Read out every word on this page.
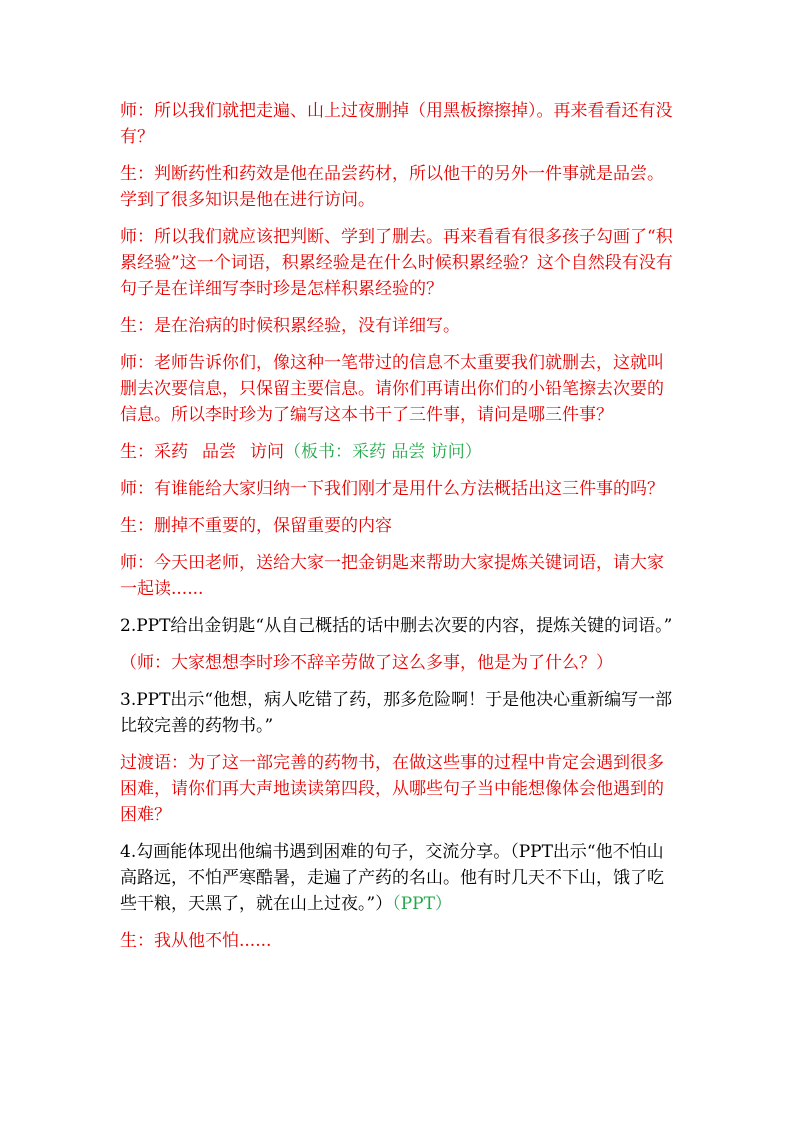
师：所以我们就把走遍、山上过夜删掉（用黑板擦擦掉）。再来看看还有没有？

生：判断药性和药效是他在品尝药材，所以他干的另外一件事就是品尝。学到了很多知识是他在进行访问。

师：所以我们就应该把判断、学到了删去。再来看看有很多孩子勾画了“积累经验”这一个词语，积累经验是在什么时候积累经验？这个自然段有没有句子是在详细写李时珍是怎样积累经验的？

生：是在治病的时候积累经验，没有详细写。

师：老师告诉你们，像这种一笔带过的信息不太重要我们就删去，这就叫删去次要信息，只保留主要信息。请你们再请出你们的小铅笔擦去次要的信息。所以李时珍为了编写这本书干了三件事，请问是哪三件事？

生：采药 品尝 访问（板书：采药 品尝 访问）

师：有谁能给大家归纳一下我们刚才是用什么方法概括出这三件事的吗？

生：删掉不重要的，保留重要的内容

师：今天田老师，送给大家一把金钥匙来帮助大家提炼关键词语，请大家一起读......

2.PPT给出金钥匙“从自己概括的话中删去次要的内容，提炼关键的词语。”

（师：大家想想李时珍不辞辛劳做了这么多事，他是为了什么？）

3.PPT出示“他想，病人吃错了药，那多危险啊！于是他决心重新编写一部比较完善的药物书。”

过渡语：为了这一部完善的药物书，在做这些事的过程中肯定会遇到很多困难，请你们再大声地读读第四段，从哪些句子当中能想像体会他遇到的困难？

4.勾画能体现出他编书遇到困难的句子，交流分享。（PPT出示“他不怕山高路远，不怕严寒酷暑，走遍了产药的名山。他有时几天不下山，饿了吃些干粮，天黑了，就在山上过夜。”）（PPT）

生：我从他不怕......
